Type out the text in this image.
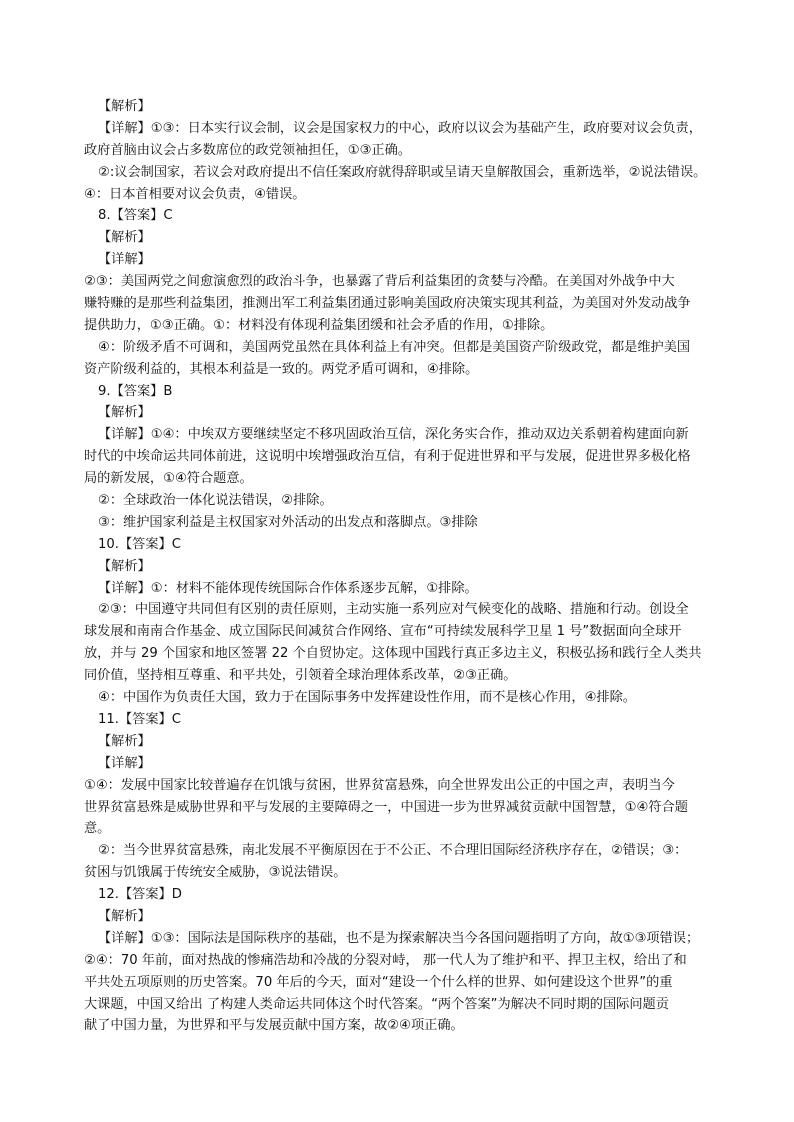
【解析】
【详解】①③：日本实行议会制，议会是国家权力的中心，政府以议会为基础产生，政府要对议会负责，
政府首脑由议会占多数席位的政党领袖担任，①③正确。
②:议会制国家，若议会对政府提出不信任案政府就得辞职或呈请天皇解散国会，重新选举，②说法错误。
④：日本首相要对议会负责，④错误。
8.【答案】C
【解析】
【详解】
②③：美国两党之间愈演愈烈的政治斗争，也暴露了背后利益集团的贪婪与冷酷。在美国对外战争中大
赚特赚的是那些利益集团，推测出军工利益集团通过影响美国政府决策实现其利益，为美国对外发动战争
提供助力，①③正确。①：材料没有体现利益集团缓和社会矛盾的作用，①排除。
④：阶级矛盾不可调和，美国两党虽然在具体利益上有冲突。但都是美国资产阶级政党，都是维护美国
资产阶级利益的，其根本利益是一致的。两党矛盾可调和，④排除。
9.【答案】B
【解析】
【详解】①④：中埃双方要继续坚定不移巩固政治互信，深化务实合作，推动双边关系朝着构建面向新
时代的中埃命运共同体前进，这说明中埃增强政治互信，有利于促进世界和平与发展，促进世界多极化格
局的新发展，①④符合题意。
②：全球政治一体化说法错误，②排除。
③：维护国家利益是主权国家对外活动的出发点和落脚点。③排除
10.【答案】C
【解析】
【详解】①：材料不能体现传统国际合作体系逐步瓦解，①排除。
②③：中国遵守共同但有区别的责任原则，主动实施一系列应对气候变化的战略、措施和行动。创设全
球发展和南南合作基金、成立国际民间减贫合作网络、宣布“可持续发展科学卫星 1 号”数据面向全球开
放，并与 29 个国家和地区签署 22 个自贸协定。这体现中国践行真正多边主义，积极弘扬和践行全人类共
同价值，坚持相互尊重、和平共处，引领着全球治理体系改革，②③正确。
④：中国作为负责任大国，致力于在国际事务中发挥建设性作用，而不是核心作用，④排除。
11.【答案】C
【解析】
【详解】
①④：发展中国家比较普遍存在饥饿与贫困，世界贫富悬殊，向全世界发出公正的中国之声，表明当今
世界贫富悬殊是威胁世界和平与发展的主要障碍之一，中国进一步为世界减贫贡献中国智慧，①④符合题
意。
②：当今世界贫富悬殊，南北发展不平衡原因在于不公正、不合理旧国际经济秩序存在，②错误；③：
贫困与饥饿属于传统安全威胁，③说法错误。
12.【答案】D
【解析】
【详解】①③：国际法是国际秩序的基础，也不是为探索解决当今各国问题指明了方向，故①③项错误；
②④：70 年前，面对热战的惨痛浩劫和冷战的分裂对峙， 那一代人为了维护和平、捍卫主权，给出了和
平共处五项原则的历史答案。70 年后的今天，面对“建设一个什么样的世界、如何建设这个世界”的重
大课题，中国又给出 了构建人类命运共同体这个时代答案。“两个答案”为解决不同时期的国际问题贡
献了中国力量，为世界和平与发展贡献中国方案，故②④项正确。
